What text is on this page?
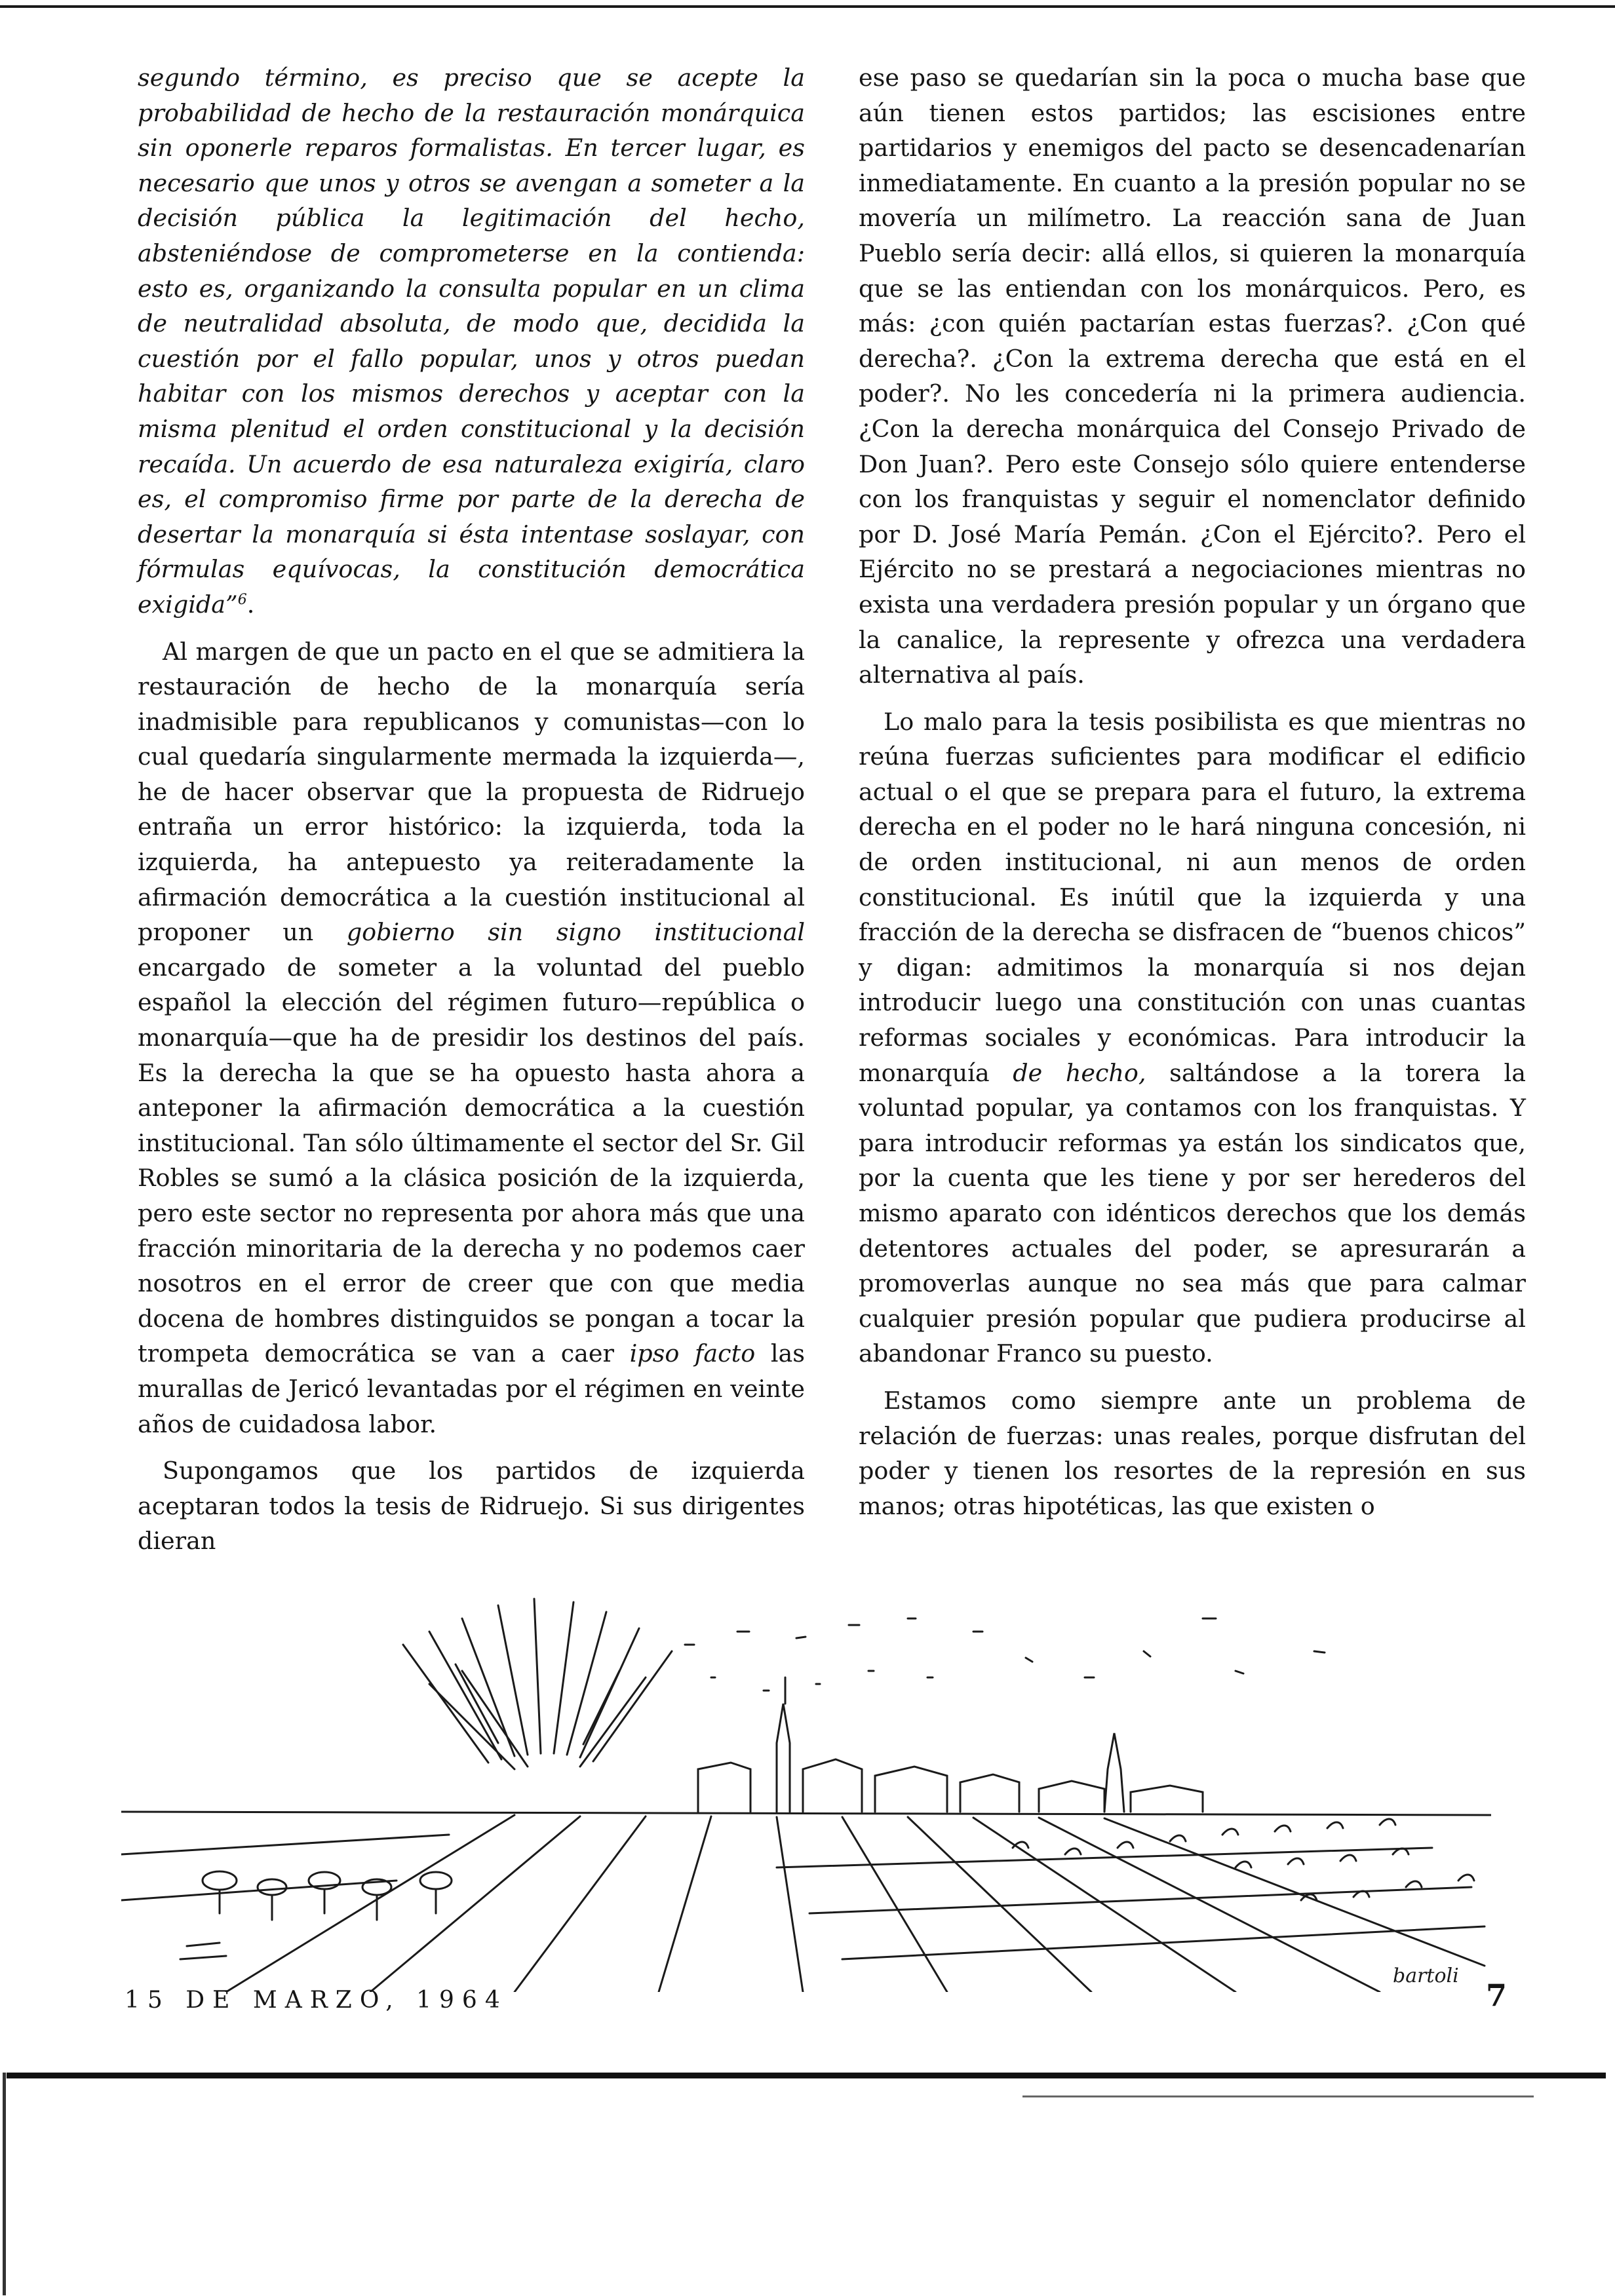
segundo término, es preciso que se acepte la probabilidad de hecho de la restauración monárquica sin oponerle reparos formalistas. En tercer lugar, es necesario que unos y otros se avengan a someter a la decisión pública la legitimación del hecho, absteniéndose de comprometerse en la contienda: esto es, organizando la consulta popular en un clima de neutralidad absoluta, de modo que, decidida la cuestión por el fallo popular, unos y otros puedan habitar con los mismos derechos y aceptar con la misma plenitud el orden constitucional y la decisión recaída. Un acuerdo de esa naturaleza exigiría, claro es, el compromiso firme por parte de la derecha de desertar la monarquía si ésta intentase soslayar, con fórmulas equívocas, la constitución democrática exigida”$^6$.

Al margen de que un pacto en el que se admitiera la restauración de hecho de la monarquía sería inadmisible para republicanos y comunistas—con lo cual quedaría singularmente mermada la izquierda—, he de hacer observar que la propuesta de Ridruejo entraña un error histórico: la izquierda, toda la izquierda, ha antepuesto ya reiteradamente la afirmación democrática a la cuestión institucional al proponer un gobierno sin signo institucional encargado de someter a la voluntad del pueblo español la elección del régimen futuro—república o monarquía—que ha de presidir los destinos del país. Es la derecha la que se ha opuesto hasta ahora a anteponer la afirmación democrática a la cuestión institucional. Tan sólo últimamente el sector del Sr. Gil Robles se sumó a la clásica posición de la izquierda, pero este sector no representa por ahora más que una fracción minoritaria de la derecha y no podemos caer nosotros en el error de creer que con que media docena de hombres distinguidos se pongan a tocar la trompeta democrática se van a caer ipso facto las murallas de Jericó levantadas por el régimen en veinte años de cuidadosa labor.

Supongamos que los partidos de izquierda aceptaran todos la tesis de Ridruejo. Si sus dirigentes dieran

ese paso se quedarían sin la poca o mucha base que aún tienen estos partidos; las escisiones entre partidarios y enemigos del pacto se desencadenarían inmediatamente. En cuanto a la presión popular no se movería un milímetro. La reacción sana de Juan Pueblo sería decir: allá ellos, si quieren la monarquía que se las entiendan con los monárquicos. Pero, es más: ¿con quién pactarían estas fuerzas?. ¿Con qué derecha?. ¿Con la extrema derecha que está en el poder?. No les concedería ni la primera audiencia. ¿Con la derecha monárquica del Consejo Privado de Don Juan?. Pero este Consejo sólo quiere entenderse con los franquistas y seguir el nomenclator definido por D. José María Pemán. ¿Con el Ejército?. Pero el Ejército no se prestará a negociaciones mientras no exista una verdadera presión popular y un órgano que la canalice, la represente y ofrezca una verdadera alternativa al país.

Lo malo para la tesis posibilista es que mientras no reúna fuerzas suficientes para modificar el edificio actual o el que se prepara para el futuro, la extrema derecha en el poder no le hará ninguna concesión, ni de orden institucional, ni aun menos de orden constitucional. Es inútil que la izquierda y una fracción de la derecha se disfracen de “buenos chicos” y digan: admitimos la monarquía si nos dejan introducir luego una constitución con unas cuantas reformas sociales y económicas. Para introducir la monarquía de hecho, saltándose a la torera la voluntad popular, ya contamos con los franquistas. Y para introducir reformas ya están los sindicatos que, por la cuenta que les tiene y por ser herederos del mismo aparato con idénticos derechos que los demás detentores actuales del poder, se apresurarán a promoverlas aunque no sea más que para calmar cualquier presión popular que pudiera producirse al abandonar Franco su puesto.

Estamos como siempre ante un problema de relación de fuerzas: unas reales, porque disfrutan del poder y tienen los resortes de la represión en sus manos; otras hipotéticas, las que existen o

bartoli
15 DE MARZO, 1964	7
